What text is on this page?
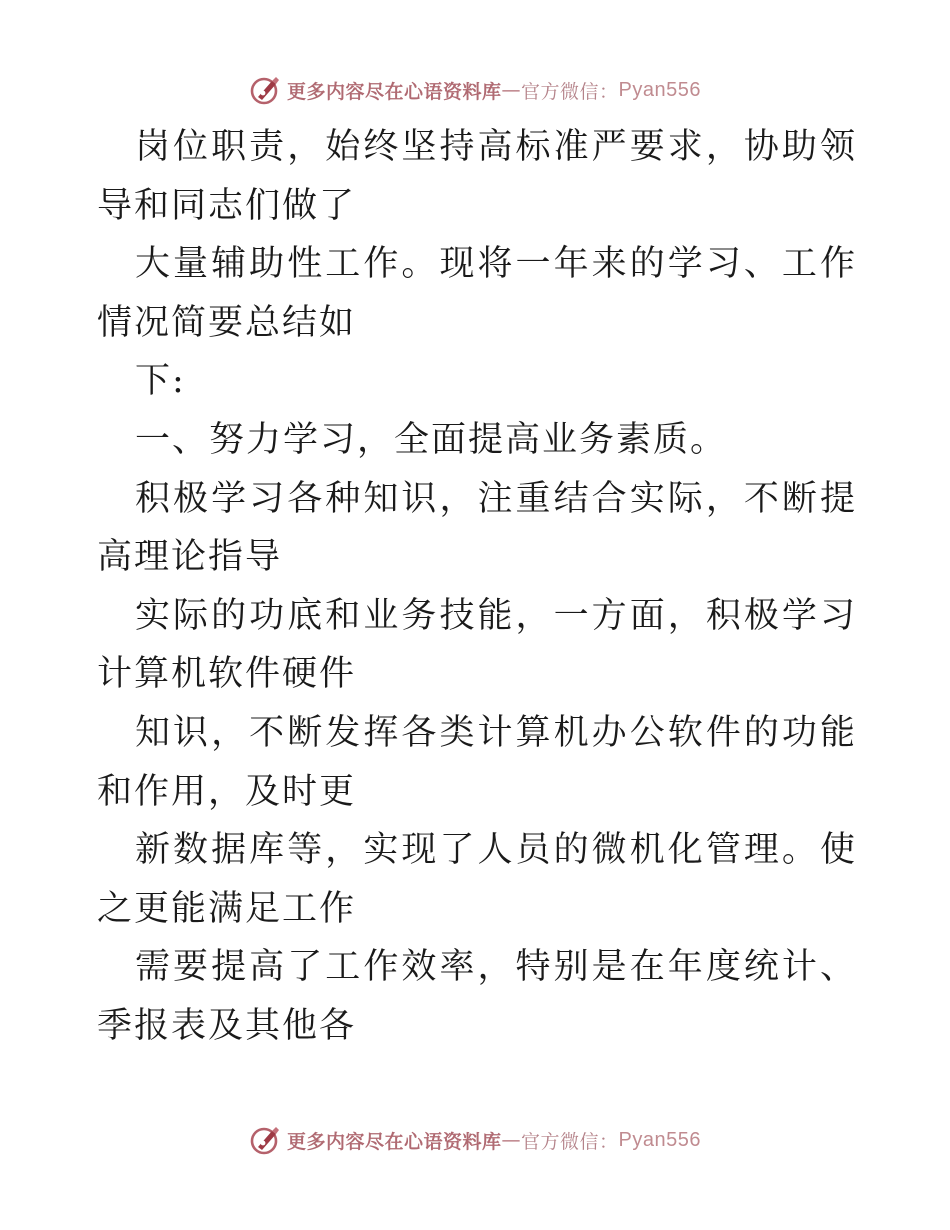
更多内容尽在心语资料库 — 官方微信： Pyan556

岗位职责，始终坚持高标准严要求，协助领导和同志们做了

大量辅助性工作。现将一年来的学习、工作情况简要总结如

下:

一、努力学习，全面提高业务素质。

积极学习各种知识，注重结合实际，不断提高理论指导

实际的功底和业务技能，一方面，积极学习计算机软件硬件

知识，不断发挥各类计算机办公软件的功能和作用，及时更

新数据库等，实现了人员的微机化管理。使之更能满足工作

需要提高了工作效率，特别是在年度统计、季报表及其他各

更多内容尽在心语资料库 — 官方微信： Pyan556
